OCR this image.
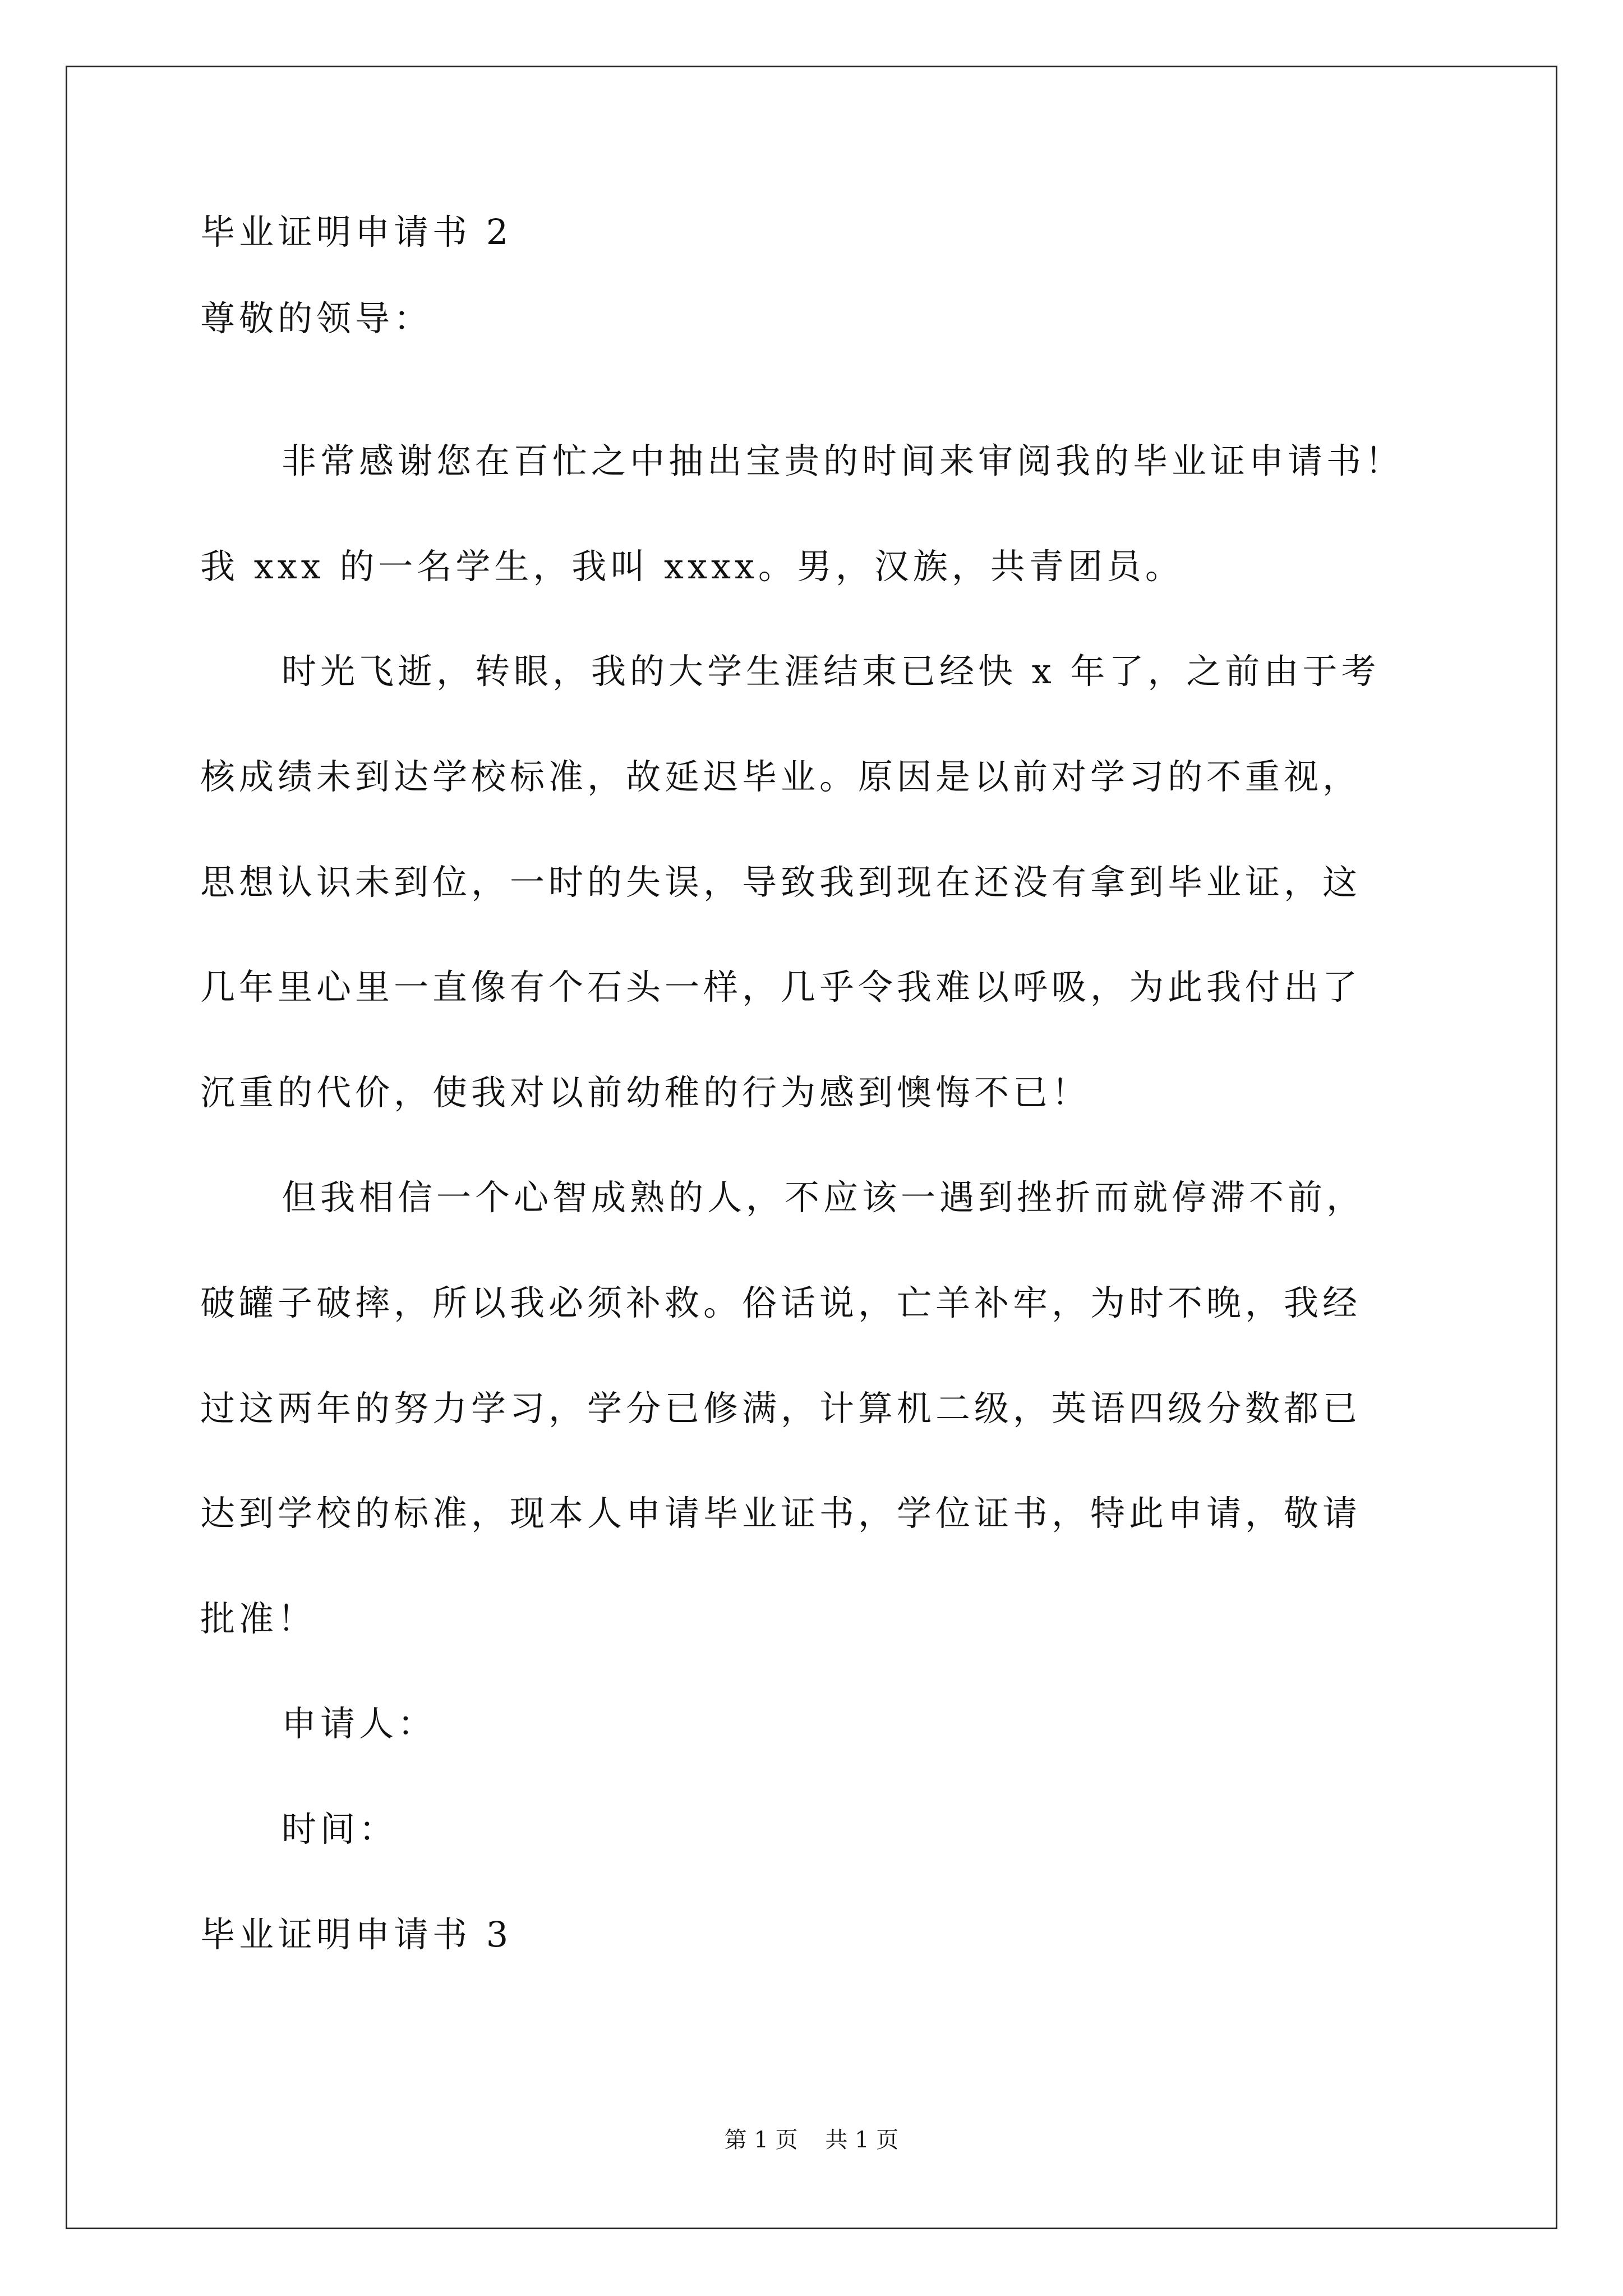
毕业证明申请书 2
尊敬的领导：
非常感谢您在百忙之中抽出宝贵的时间来审阅我的毕业证申请书！
我 xxx 的一名学生，我叫 xxxx。男，汉族，共青团员。
时光飞逝，转眼，我的大学生涯结束已经快 x 年了，之前由于考
核成绩未到达学校标准，故延迟毕业。原因是以前对学习的不重视，
思想认识未到位，一时的失误，导致我到现在还没有拿到毕业证，这
几年里心里一直像有个石头一样，几乎令我难以呼吸，为此我付出了
沉重的代价，使我对以前幼稚的行为感到懊悔不已！
但我相信一个心智成熟的人，不应该一遇到挫折而就停滞不前，
破罐子破摔，所以我必须补救。俗话说，亡羊补牢，为时不晚，我经
过这两年的努力学习，学分已修满，计算机二级，英语四级分数都已
达到学校的标准，现本人申请毕业证书，学位证书，特此申请，敬请
批准！
申请人：
时间：
毕业证明申请书 3
第 1 页 共 1 页
